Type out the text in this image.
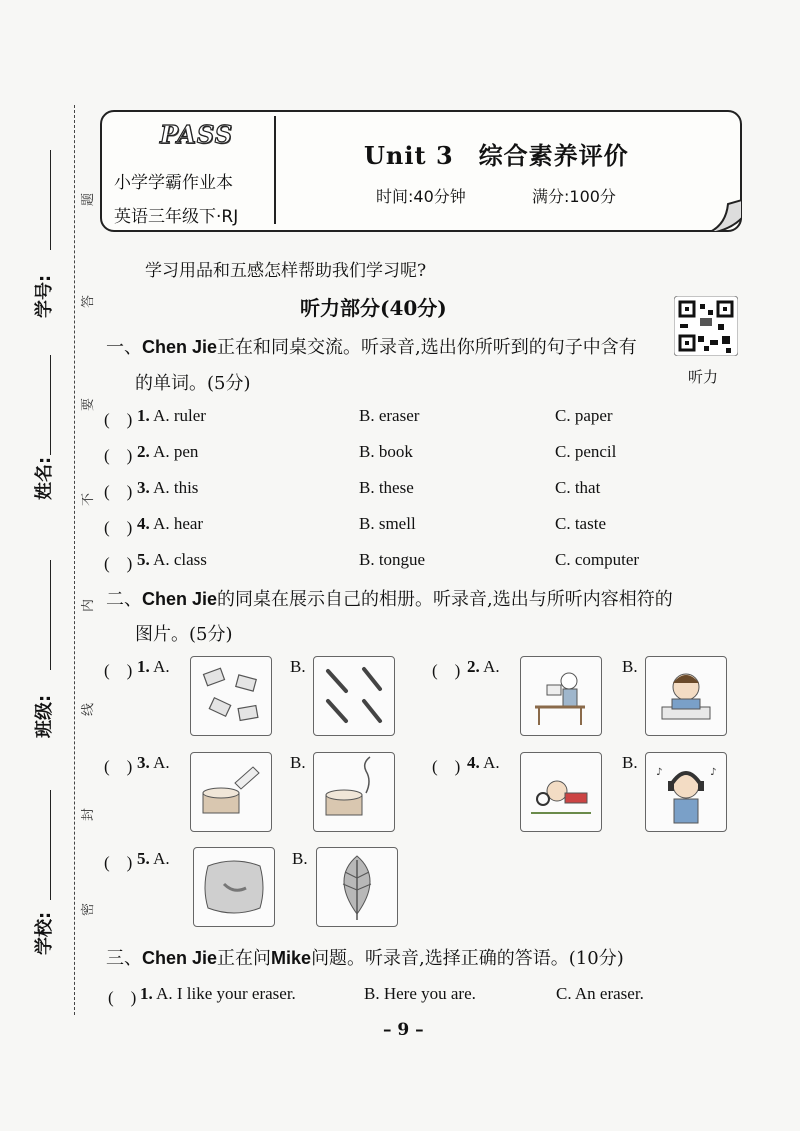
学号:
姓名:
班级:
学校:
题
答
要
不
内
线
封
密
PASS
小学学霸作业本
英语三年级下·RJ
Unit 3　综合素养评价
时间:40分钟	满分:100分
学习用品和五感怎样帮助我们学习呢?
听力部分(40分)
听力
一、Chen Jie正在和同桌交流。听录音,选出你所听到的句子中含有
的单词。(5分)
(　) 1. A. ruler	B. eraser	C. paper
(　) 2. A. pen	B. book	C. pencil
(　) 3. A. this	B. these	C. that
(　) 4. A. hear	B. smell	C. taste
(　) 5. A. class	B. tongue	C. computer
二、Chen Jie的同桌在展示自己的相册。听录音,选出与所听内容相符的
图片。(5分)
(　) 1. A.	B.	(　) 2. A.	B.
(　) 3. A.	B.	(　) 4. A.	B.
♪	♪
(　) 5. A.	B.
三、Chen Jie正在问Mike问题。听录音,选择正确的答语。(10分)
(　) 1. A. I like your eraser.	B. Here you are.	C. An eraser.
– 9 –
